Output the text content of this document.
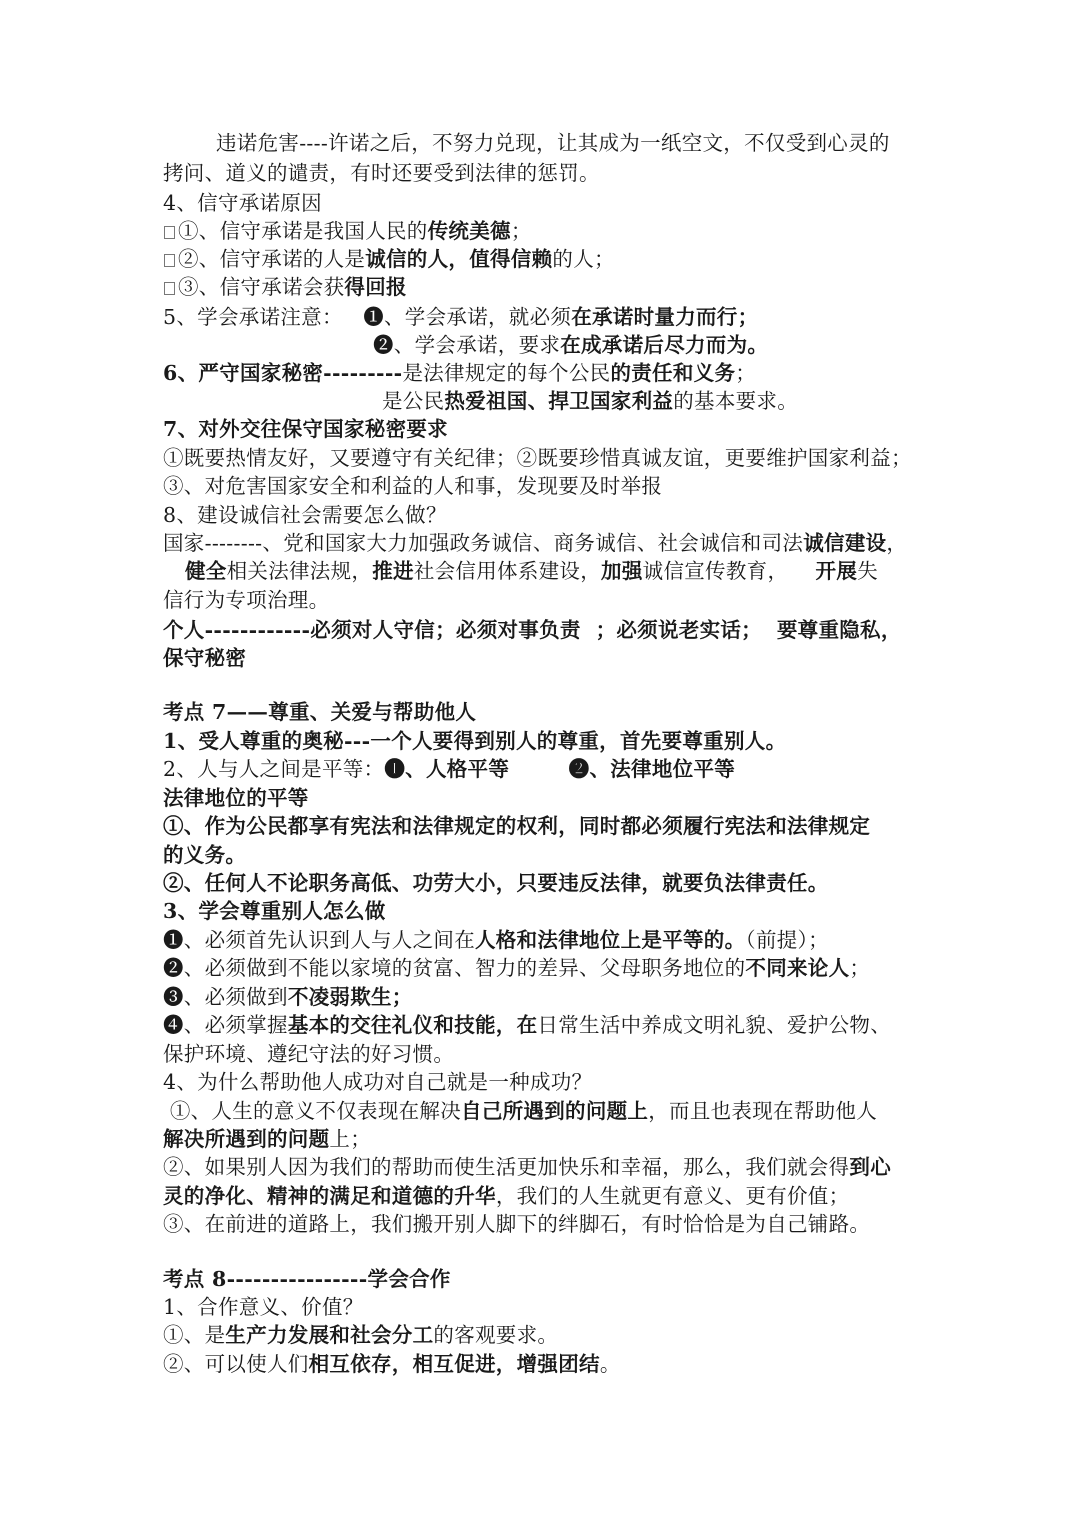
违诺危害----许诺之后，不努力兑现，让其成为一纸空文，不仅受到心灵的
拷问、道义的谴责，有时还要受到法律的惩罚。
4、信守承诺原因
①、信守承诺是我国人民的传统美德；
②、信守承诺的人是诚信的人，值得信赖的人；
③、信守承诺会获得回报
5、学会承诺注意：   ❶、学会承诺，就必须在承诺时量力而行；
❷、学会承诺，要求在成承诺后尽力而为。
6、严守国家秘密---------是法律规定的每个公民的责任和义务；
是公民热爱祖国、捍卫国家利益的基本要求。
7、对外交往保守国家秘密要求
①既要热情友好，又要遵守有关纪律；②既要珍惜真诚友谊，更要维护国家利益；
③、对危害国家安全和利益的人和事，发现要及时举报
8、建设诚信社会需要怎么做？
国家--------、党和国家大力加强政务诚信、商务诚信、社会诚信和司法诚信建设，
健全相关法律法规，推进社会信用体系建设，加强诚信宣传教育，    开展失
信行为专项治理。
个人------------必须对人守信；必须对事负责  ；必须说老实话；  要尊重隐私，
保守秘密
考点 7——尊重、关爱与帮助他人
1、受人尊重的奥秘---一个人要得到别人的尊重，首先要尊重别人。
2、人与人之间是平等：❶、人格平等        ❷、法律地位平等
法律地位的平等
①、作为公民都享有宪法和法律规定的权利，同时都必须履行宪法和法律规定
的义务。
②、任何人不论职务高低、功劳大小，只要违反法律，就要负法律责任。
3、学会尊重别人怎么做
❶、必须首先认识到人与人之间在人格和法律地位上是平等的。（前提）；
❷、必须做到不能以家境的贫富、智力的差异、父母职务地位的不同来论人；
❸、必须做到不凌弱欺生；
❹、必须掌握基本的交往礼仪和技能，在日常生活中养成文明礼貌、爱护公物、
保护环境、遵纪守法的好习惯。
4、为什么帮助他人成功对自己就是一种成功？
①、人生的意义不仅表现在解决自己所遇到的问题上，而且也表现在帮助他人
解决所遇到的问题上；
②、如果别人因为我们的帮助而使生活更加快乐和幸福，那么，我们就会得到心
灵的净化、精神的满足和道德的升华，我们的人生就更有意义、更有价值；
③、在前进的道路上，我们搬开别人脚下的绊脚石，有时恰恰是为自己铺路。
考点 8----------------学会合作
1、合作意义、价值？
①、是生产力发展和社会分工的客观要求。
②、可以使人们相互依存，相互促进，增强团结。
